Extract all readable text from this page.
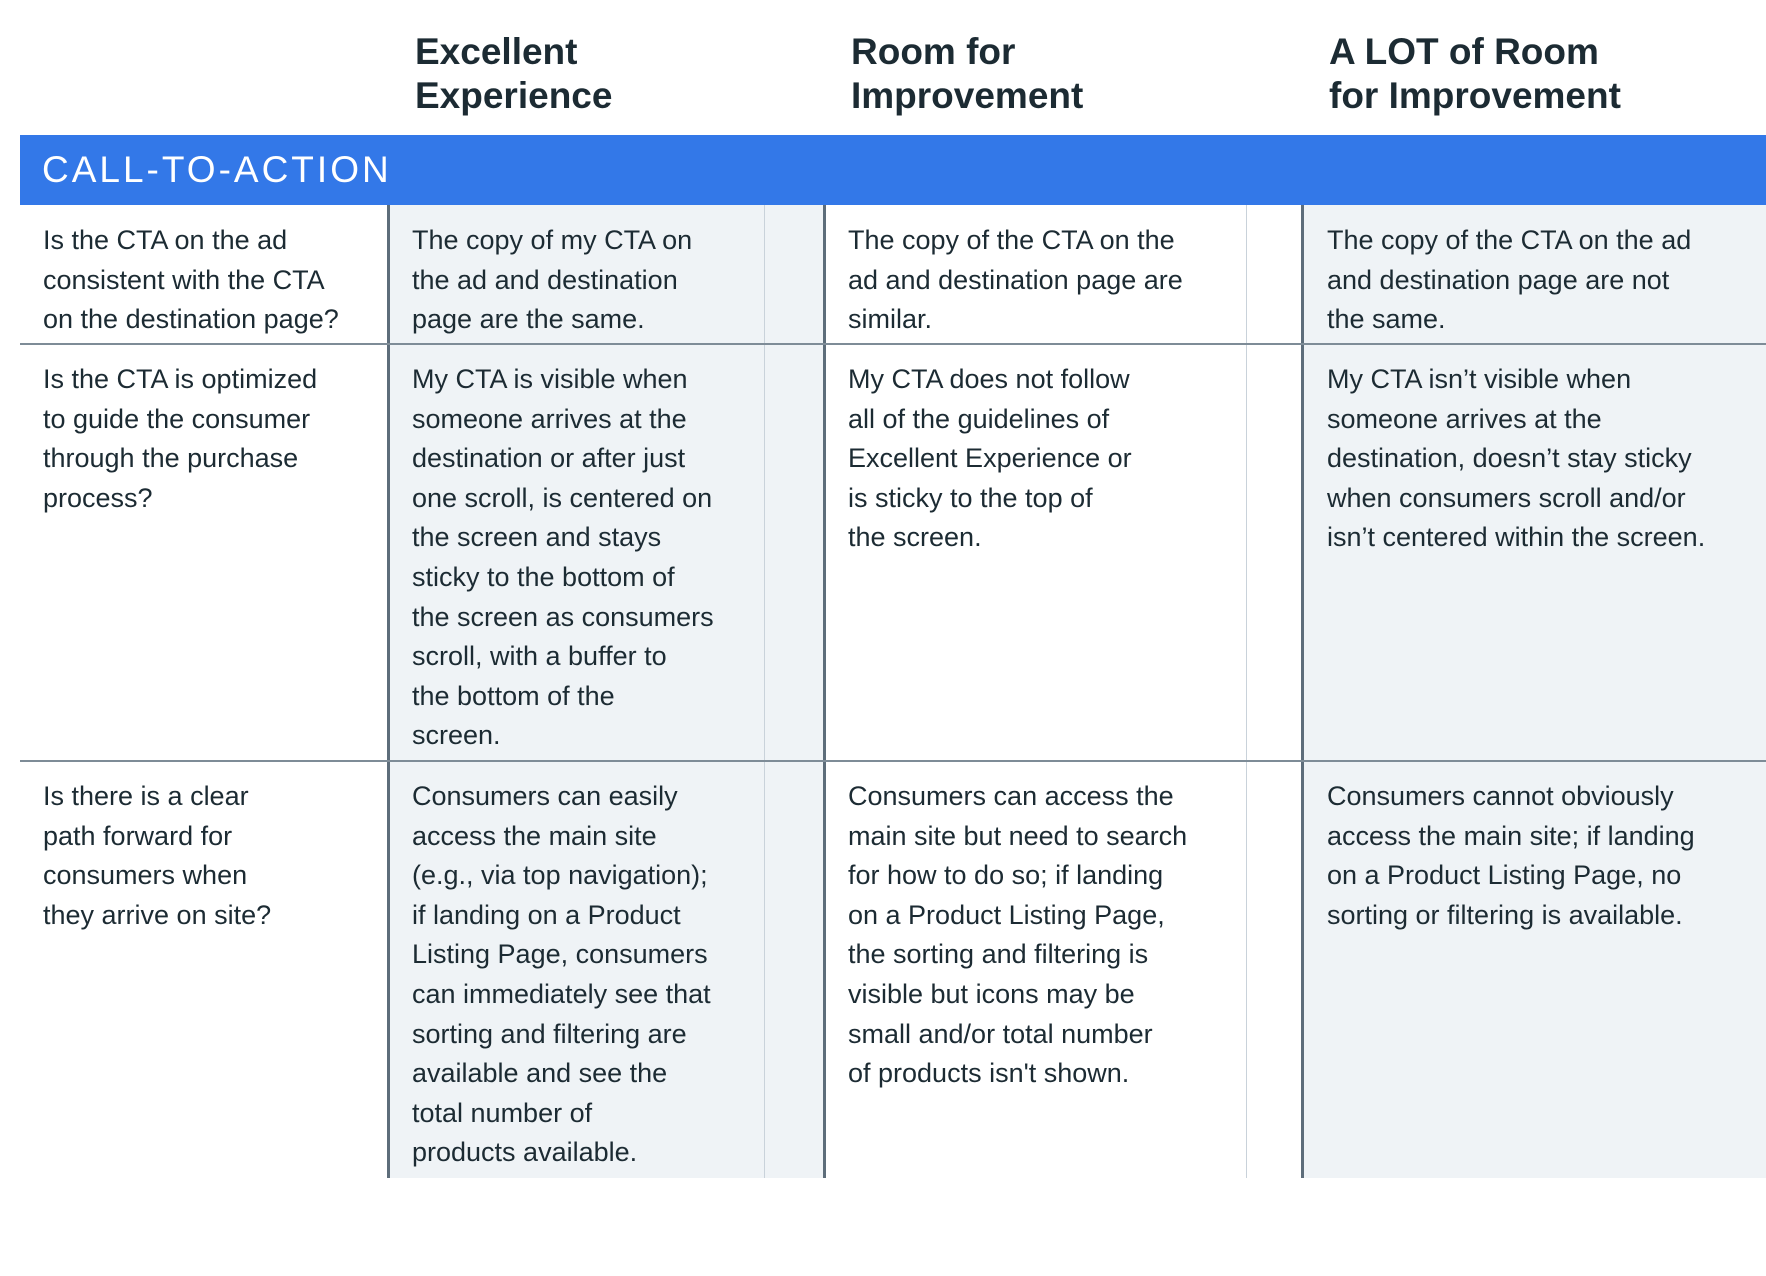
Excellent
Experience
Room for
Improvement
A LOT of Room
for Improvement
CALL-TO-ACTION
Is the CTA on the ad
consistent with the CTA
on the destination page?
The copy of my CTA on
the ad and destination
page are the same.
The copy of the CTA on the
ad and destination page are
similar.
The copy of the CTA on the ad
and destination page are not
the same.
Is the CTA is optimized
to guide the consumer
through the purchase
process?
My CTA is visible when
someone arrives at the
destination or after just
one scroll, is centered on
the screen and stays
sticky to the bottom of
the screen as consumers
scroll, with a buffer to
the bottom of the
screen.
My CTA does not follow
all of the guidelines of
Excellent Experience or
is sticky to the top of
the screen.
My CTA isn’t visible when
someone arrives at the
destination, doesn’t stay sticky
when consumers scroll and/or
isn’t centered within the screen.
Is there is a clear
path forward for
consumers when
they arrive on site?
Consumers can easily
access the main site
(e.g., via top navigation);
if landing on a Product
Listing Page, consumers
can immediately see that
sorting and filtering are
available and see the
total number of
products available.
Consumers can access the
main site but need to search
for how to do so; if landing
on a Product Listing Page,
the sorting and filtering is
visible but icons may be
small and/or total number
of products isn't shown.
Consumers cannot obviously
access the main site; if landing
on a Product Listing Page, no
sorting or filtering is available.
